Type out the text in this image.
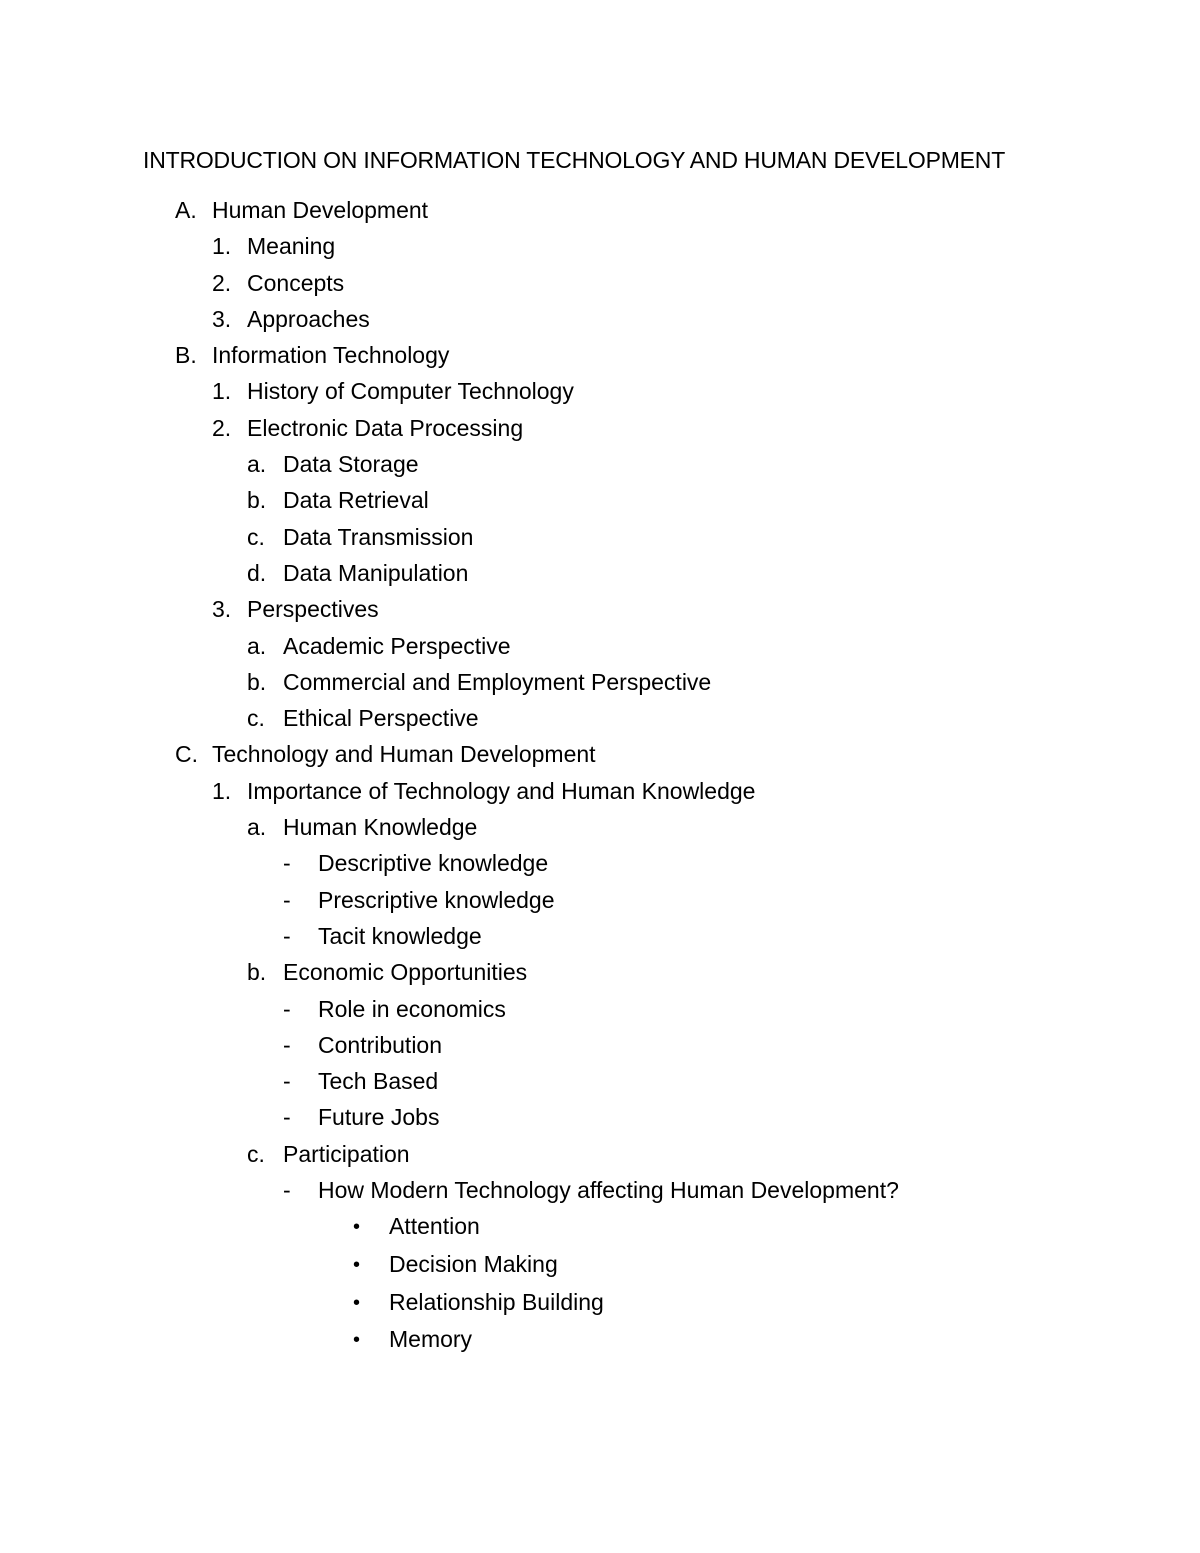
INTRODUCTION ON INFORMATION TECHNOLOGY AND HUMAN DEVELOPMENT
A. Human Development
1. Meaning
2. Concepts
3. Approaches
B. Information Technology
1. History of Computer Technology
2. Electronic Data Processing
a. Data Storage
b. Data Retrieval
c. Data Transmission
d. Data Manipulation
3. Perspectives
a. Academic Perspective
b. Commercial and Employment Perspective
c. Ethical Perspective
C. Technology and Human Development
1. Importance of Technology and Human Knowledge
a. Human Knowledge
- Descriptive knowledge
- Prescriptive knowledge
- Tacit knowledge
b. Economic Opportunities
- Role in economics
- Contribution
- Tech Based
- Future Jobs
c. Participation
- How Modern Technology affecting Human Development?
• Attention
• Decision Making
• Relationship Building
• Memory
